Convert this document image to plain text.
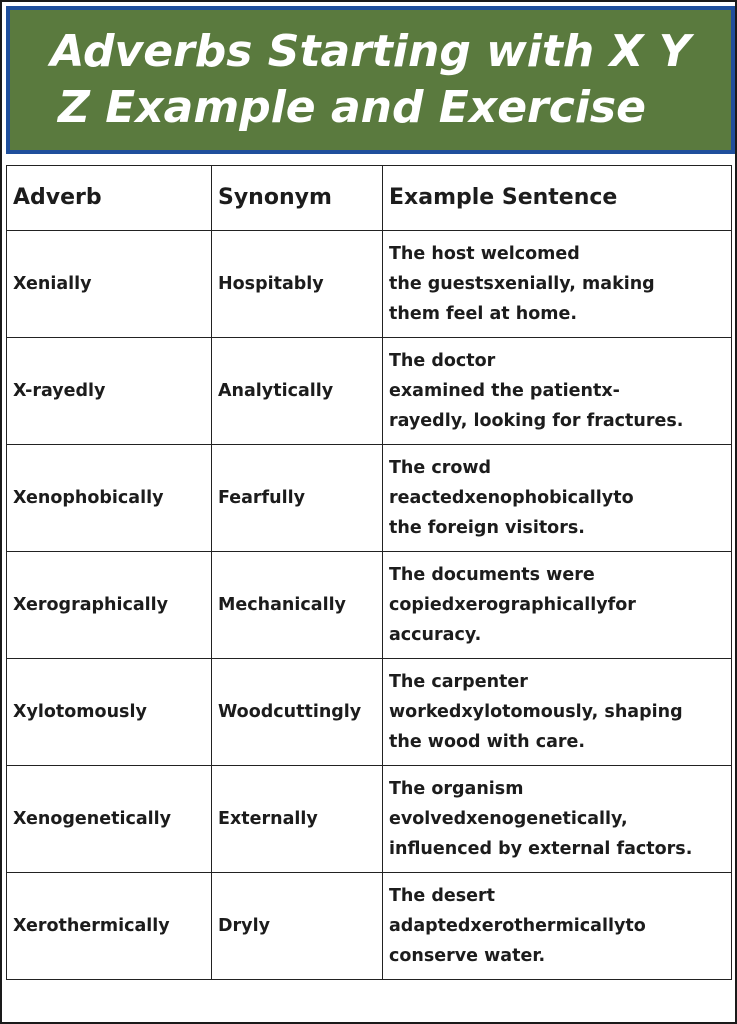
Adverbs Starting with X Y
Z Example and Exercise
Adverb	Synonym	Example Sentence
Xenially	Hospitably	The host welcomed
the guestsxenially, making
them feel at home.
X-rayedly	Analytically	The doctor
examined the patientx-
rayedly, looking for fractures.
Xenophobically	Fearfully	The crowd
reactedxenophobicallyto
the foreign visitors.
Xerographically	Mechanically	The documents were
copiedxerographicallyfor
accuracy.
Xylotomously	Woodcuttingly	The carpenter
workedxylotomously, shaping
the wood with care.
Xenogenetically	Externally	The organism
evolvedxenogenetically,
influenced by external factors.
Xerothermically	Dryly	The desert
adaptedxerothermicallyto
conserve water.
